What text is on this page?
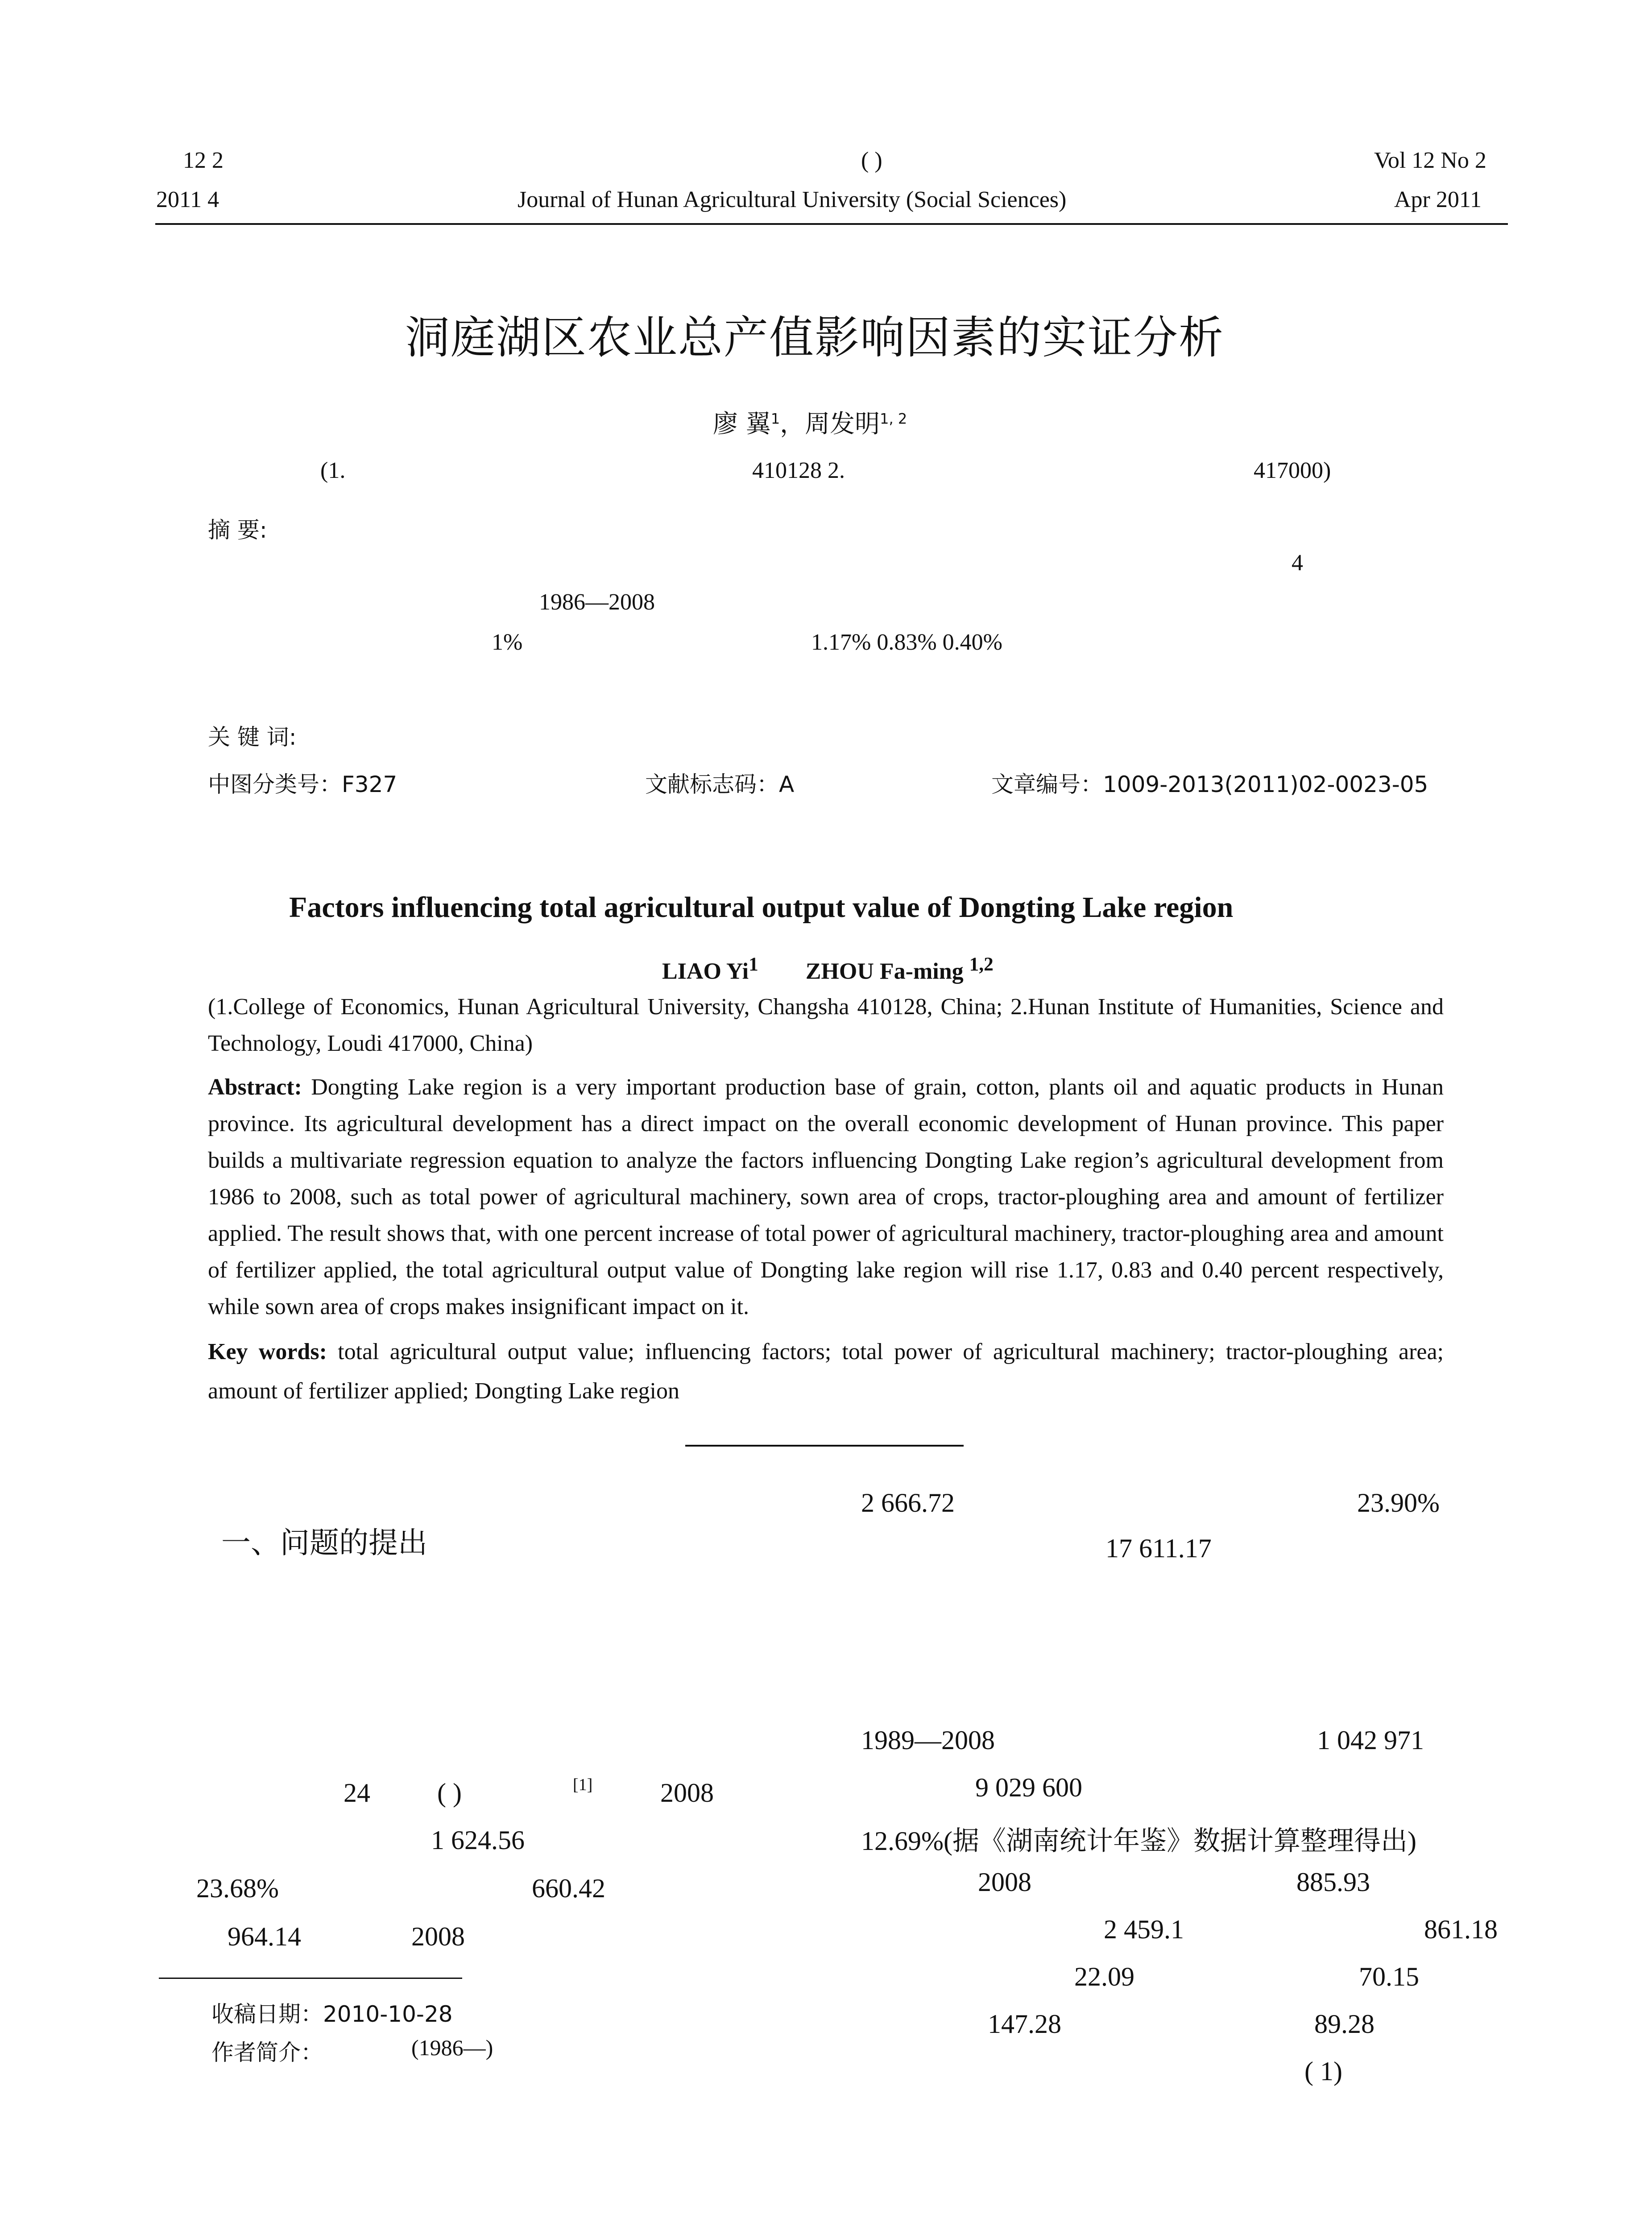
12 2	( )	Vol 12 No 2
2011 4	Journal of Hunan Agricultural University (Social Sciences)	Apr 2011
洞庭湖区农业总产值影响因素的实证分析
廖 翼$^1$，周发明$^{1, 2}$
(1.	410128 2.	417000)
摘 要:
4
1986—2008
1%	1.17% 0.83% 0.40%
关 键 词:
中图分类号：F327	文献标志码：A	文章编号：1009-2013(2011)02-0023-05
Factors influencing total agricultural output value of Dongting Lake region
LIAO Yi$^1$ ZHOU Fa-ming $^{1,2}$
(1.College of Economics, Hunan Agricultural University, Changsha 410128, China; 2.Hunan Institute of Humanities, Science and Technology, Loudi 417000, China)
Abstract: Dongting Lake region is a very important production base of grain, cotton, plants oil and aquatic products in Hunan province. Its agricultural development has a direct impact on the overall economic development of Hunan province. This paper builds a multivariate regression equation to analyze the factors influencing Dongting Lake region’s agricultural development from 1986 to 2008, such as total power of agricultural machinery, sown area of crops, tractor-ploughing area and amount of fertilizer applied. The result shows that, with one percent increase of total power of agricultural machinery, tractor-ploughing area and amount of fertilizer applied, the total agricultural output value of Dongting lake region will rise 1.17, 0.83 and 0.40 percent respectively, while sown area of crops makes insignificant impact on it.
Key words: total agricultural output value; influencing factors; total power of agricultural machinery; tractor-ploughing area; amount of fertilizer applied; Dongting Lake region
一、问题的提出
24	( )	[1]	2008
1 624.56
23.68%	660.42
964.14	2008
收稿日期：2010-10-28
作者简介：	(1986—)
2 666.72	23.90%
17 611.17
1989—2008	1 042 971
9 029 600
12.69%(据《湖南统计年鉴》数据计算整理得出)
2008	885.93
2 459.1	861.18
22.09	70.15
147.28	89.28
( 1)
